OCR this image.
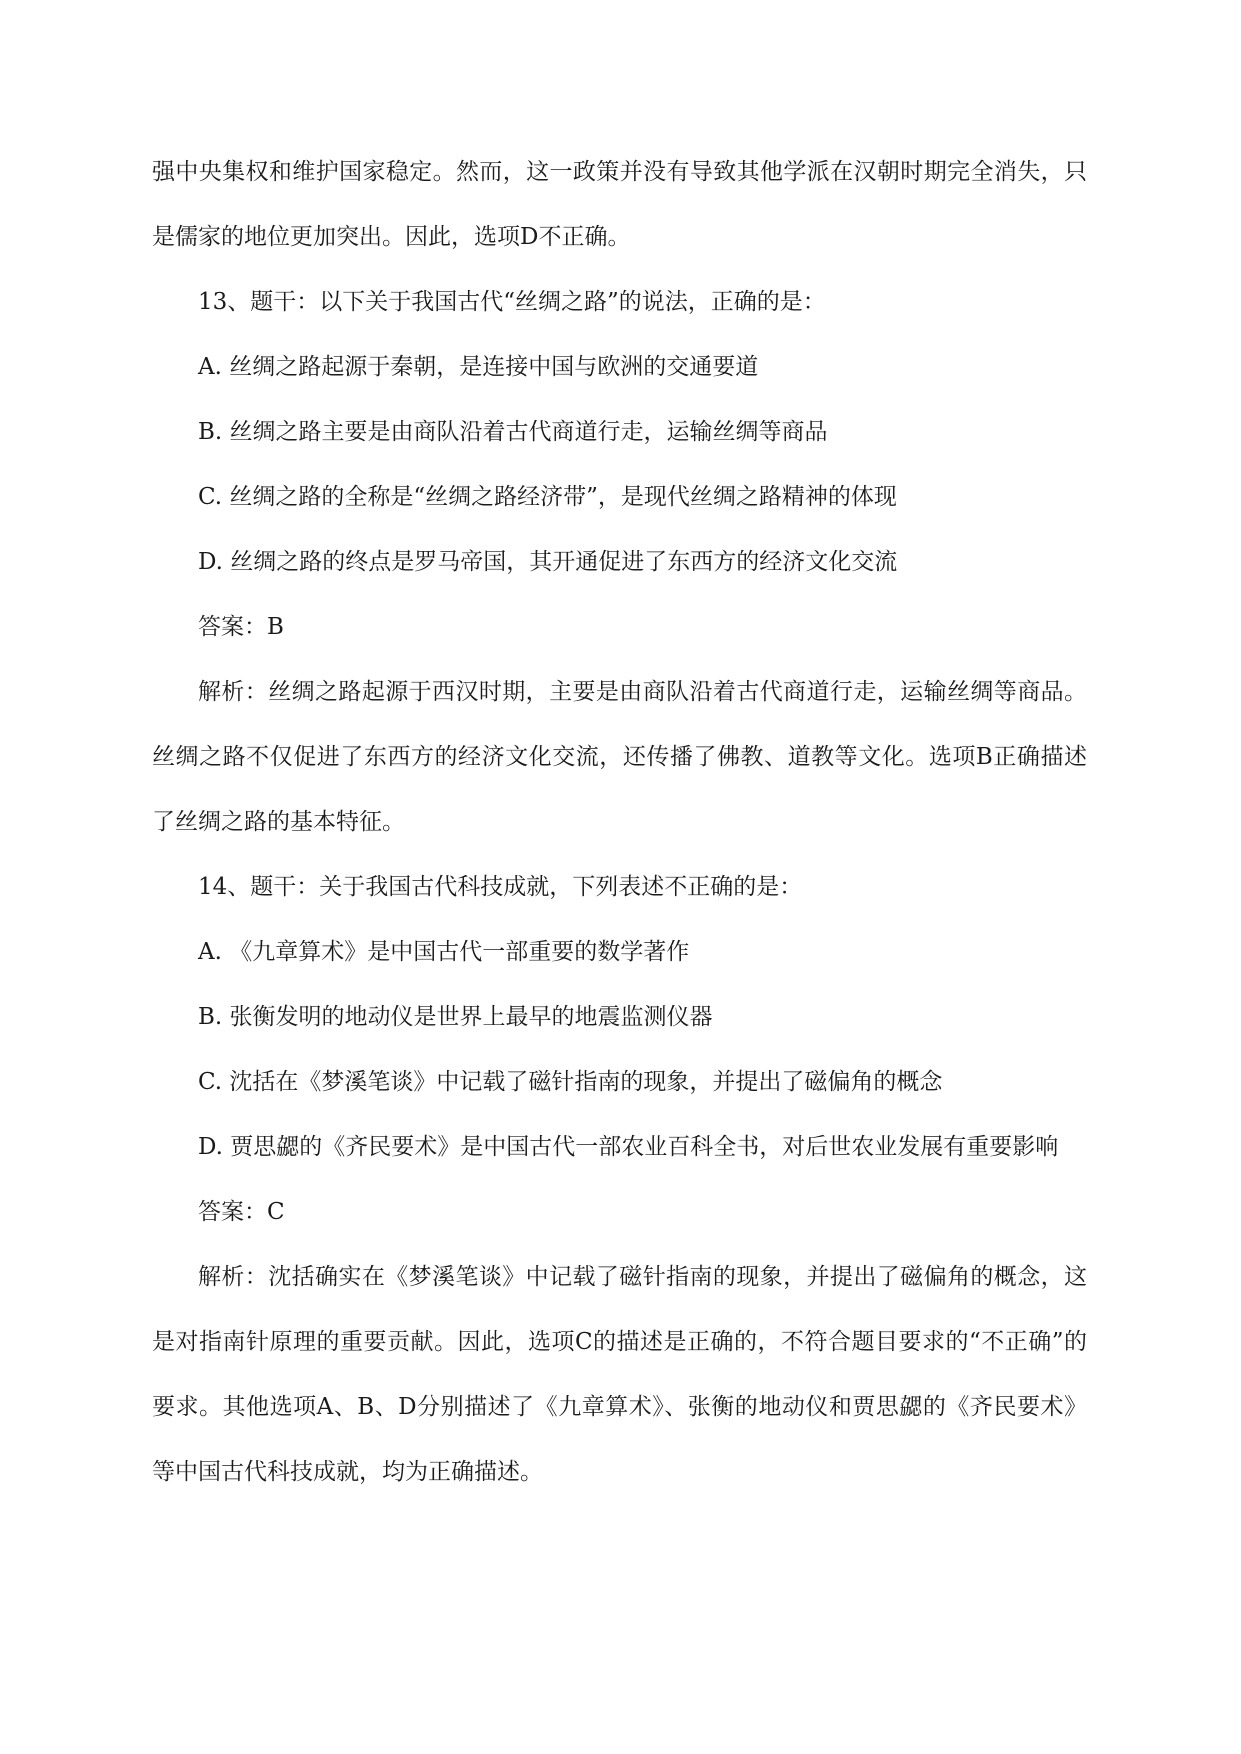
强中央集权和维护国家稳定。然而，这一政策并没有导致其他学派在汉朝时期完全消失，只是儒家的地位更加突出。因此，选项D不正确。

13、题干：以下关于我国古代“丝绸之路”的说法，正确的是：

A. 丝绸之路起源于秦朝，是连接中国与欧洲的交通要道

B. 丝绸之路主要是由商队沿着古代商道行走，运输丝绸等商品

C. 丝绸之路的全称是“丝绸之路经济带”，是现代丝绸之路精神的体现

D. 丝绸之路的终点是罗马帝国，其开通促进了东西方的经济文化交流

答案：B

解析：丝绸之路起源于西汉时期，主要是由商队沿着古代商道行走，运输丝绸等商品。丝绸之路不仅促进了东西方的经济文化交流，还传播了佛教、道教等文化。选项B正确描述了丝绸之路的基本特征。

14、题干：关于我国古代科技成就，下列表述不正确的是：

A. 《九章算术》是中国古代一部重要的数学著作

B. 张衡发明的地动仪是世界上最早的地震监测仪器

C. 沈括在《梦溪笔谈》中记载了磁针指南的现象，并提出了磁偏角的概念

D. 贾思勰的《齐民要术》是中国古代一部农业百科全书，对后世农业发展有重要影响

答案：C

解析：沈括确实在《梦溪笔谈》中记载了磁针指南的现象，并提出了磁偏角的概念，这是对指南针原理的重要贡献。因此，选项C的描述是正确的，不符合题目要求的“不正确”的要求。其他选项A、B、D分别描述了《九章算术》、张衡的地动仪和贾思勰的《齐民要术》等中国古代科技成就，均为正确描述。
